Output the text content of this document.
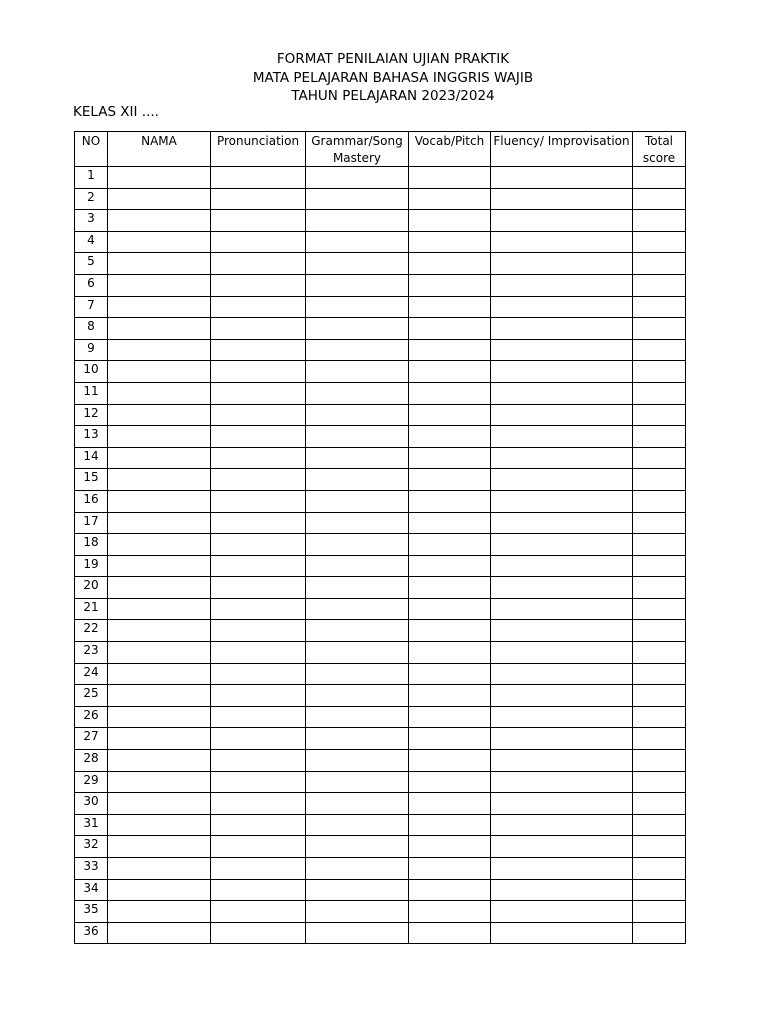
FORMAT PENILAIAN UJIAN PRAKTIK
MATA PELAJARAN BAHASA INGGRIS WAJIB
TAHUN PELAJARAN 2023/2024
KELAS XII ....
NO	NAMA	Pronunciation	Grammar/Song Mastery	Vocab/Pitch	Fluency/ Improvisation	Total score
1						
2						
3						
4						
5						
6						
7						
8						
9						
10						
11						
12						
13						
14						
15						
16						
17						
18						
19						
20						
21						
22						
23						
24						
25						
26						
27						
28						
29						
30						
31						
32						
33						
34						
35						
36						
